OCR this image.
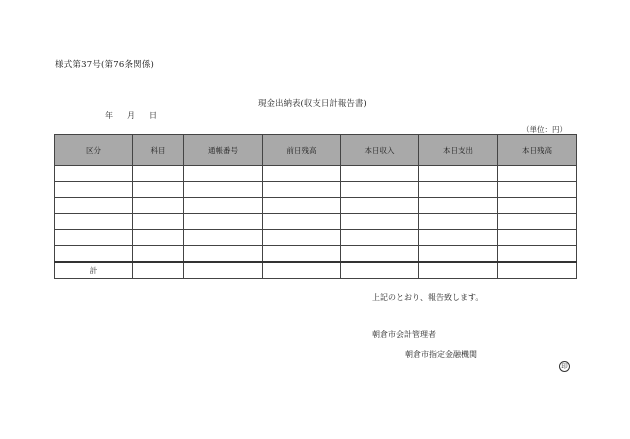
様式第37号(第76条関係)
現金出納表(収支日計報告書)
年 月 日
（単位：円）
区分	科目	通帳番号	前日残高	本日収入	本日支出	本日残高

計						
上記のとおり、報告致します。
朝倉市会計管理者
朝倉市指定金融機関
印
